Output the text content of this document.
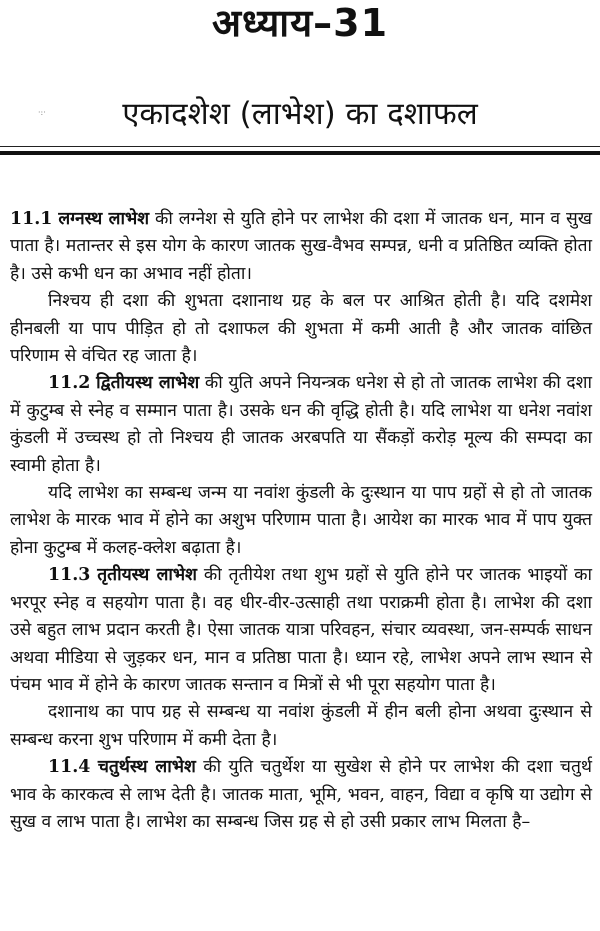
अध्याय–31
·:·	एकादशेश (लाभेश) का दशाफल

11.1 लग्नस्थ लाभेश की लग्नेश से युति होने पर लाभेश की दशा में जातक धन, मान व सुख पाता है। मतान्तर से इस योग के कारण जातक सुख-वैभव सम्पन्न, धनी व प्रतिष्ठित व्यक्ति होता है। उसे कभी धन का अभाव नहीं होता।

निश्चय ही दशा की शुभता दशानाथ ग्रह के बल पर आश्रित होती है। यदि दशमेश हीनबली या पाप पीड़ित हो तो दशाफल की शुभता में कमी आती है और जातक वांछित परिणाम से वंचित रह जाता है।

11.2 द्वितीयस्थ लाभेश की युति अपने नियन्त्रक धनेश से हो तो जातक लाभेश की दशा में कुटुम्ब से स्नेह व सम्मान पाता है। उसके धन की वृद्धि होती है। यदि लाभेश या धनेश नवांश कुंडली में उच्चस्थ हो तो निश्चय ही जातक अरबपति या सैंकड़ों करोड़ मूल्य की सम्पदा का स्वामी होता है।

यदि लाभेश का सम्बन्ध जन्म या नवांश कुंडली के दुःस्थान या पाप ग्रहों से हो तो जातक लाभेश के मारक भाव में होने का अशुभ परिणाम पाता है। आयेश का मारक भाव में पाप युक्त होना कुटुम्ब में कलह-क्लेश बढ़ाता है।

11.3 तृतीयस्थ लाभेश की तृतीयेश तथा शुभ ग्रहों से युति होने पर जातक भाइयों का भरपूर स्नेह व सहयोग पाता है। वह धीर-वीर-उत्साही तथा पराक्रमी होता है। लाभेश की दशा उसे बहुत लाभ प्रदान करती है। ऐसा जातक यात्रा परिवहन, संचार व्यवस्था, जन-सम्पर्क साधन अथवा मीडिया से जुड़कर धन, मान व प्रतिष्ठा पाता है। ध्यान रहे, लाभेश अपने लाभ स्थान से पंचम भाव में होने के कारण जातक सन्तान व मित्रों से भी पूरा सहयोग पाता है।

दशानाथ का पाप ग्रह से सम्बन्ध या नवांश कुंडली में हीन बली होना अथवा दुःस्थान से सम्बन्ध करना शुभ परिणाम में कमी देता है।

11.4 चतुर्थस्थ लाभेश की युति चतुर्थेश या सुखेश से होने पर लाभेश की दशा चतुर्थ भाव के कारकत्व से लाभ देती है। जातक माता, भूमि, भवन, वाहन, विद्या व कृषि या उद्योग से सुख व लाभ पाता है। लाभेश का सम्बन्ध जिस ग्रह से हो उसी प्रकार लाभ मिलता है–
